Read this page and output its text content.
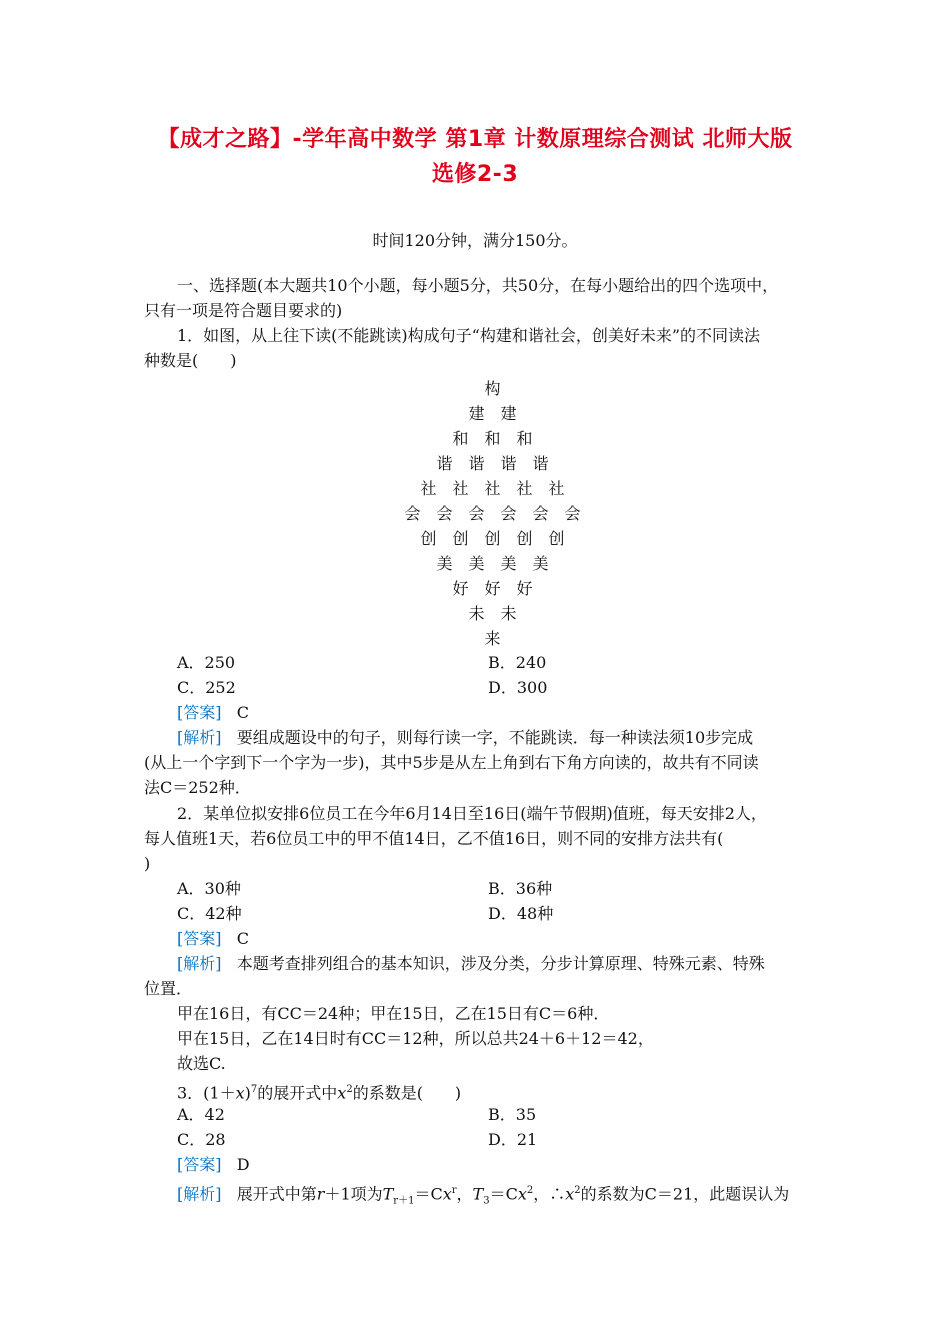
【成才之路】-学年高中数学 第1章 计数原理综合测试 北师大版
选修2-3
时间120分钟，满分150分。
一、选择题(本大题共10个小题，每小题5分，共50分，在每小题给出的四个选项中，
只有一项是符合题目要求的)
1．如图，从上往下读(不能跳读)构成句子“构建和谐社会，创美好未来”的不同读法
种数是(　　)
构
建　建
和　和　和
谐　谐　谐　谐
社　社　社　社　社
会　会　会　会　会　会
创　创　创　创　创
美　美　美　美
好　好　好
未　未
来
A．250	B．240
C．252	D．300
[答案] C
[解析] 要组成题设中的句子，则每行读一字，不能跳读．每一种读法须10步完成
(从上一个字到下一个字为一步)，其中5步是从左上角到右下角方向读的，故共有不同读
法C＝252种．
2．某单位拟安排6位员工在今年6月14日至16日(端午节假期)值班，每天安排2人，
每人值班1天，若6位员工中的甲不值14日，乙不值16日，则不同的安排方法共有(
)
A．30种	B．36种
C．42种	D．48种
[答案] C
[解析] 本题考查排列组合的基本知识，涉及分类，分步计算原理、特殊元素、特殊
位置．
甲在16日，有CC＝24种；甲在15日，乙在15日有C＝6种．
甲在15日，乙在14日时有CC＝12种，所以总共24＋6＋12＝42，
故选C.
3．$(1+x)^7$的展开式中$x^2$的系数是(　　)
A．42	B．35
C．28	D．21
[答案] D
[解析] 展开式中第r＋1项为$T_{r+1}=Cx^r$，$T_3=Cx^2$，$\therefore x^2$的系数为C＝21，此题误认为
